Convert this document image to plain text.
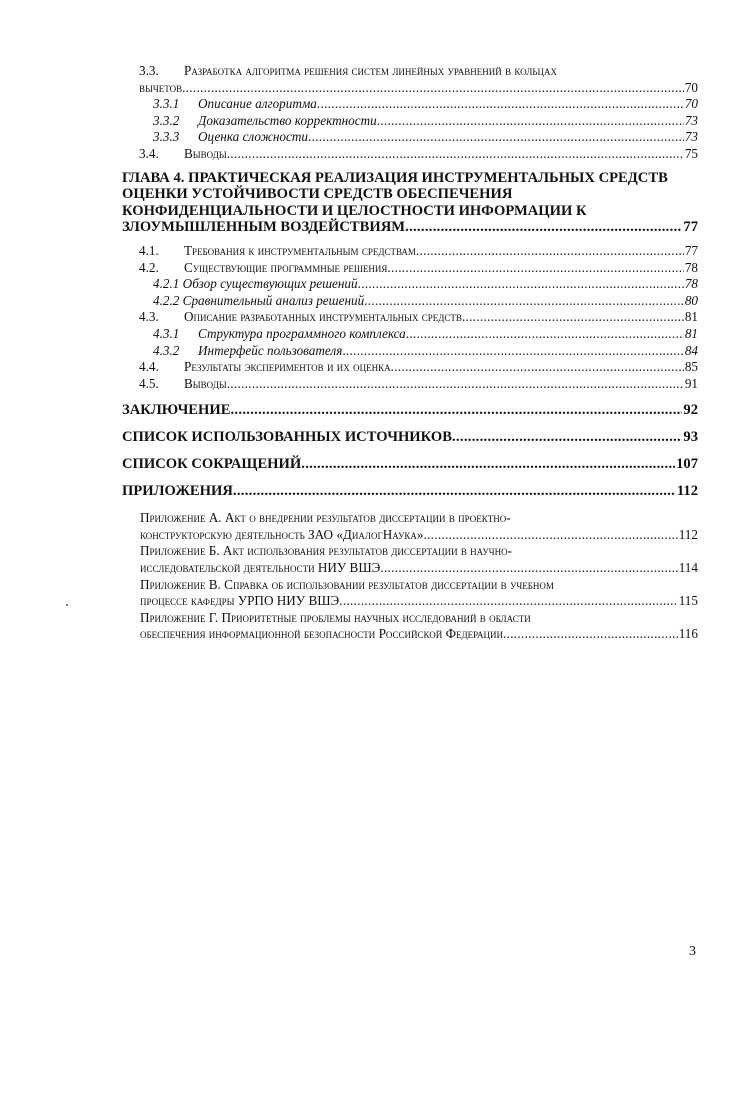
3.3.	Разработка алгоритма решения систем линейных уравнений в кольцах
вычетов .....	70
3.3.1	Описание алгоритма .....	70
3.3.2	Доказательство корректности .....	73
3.3.3	Оценка сложности .....	73
3.4.	Выводы .....	75
ГЛАВА 4. ПРАКТИЧЕСКАЯ РЕАЛИЗАЦИЯ ИНСТРУМЕНТАЛЬНЫХ СРЕДСТВ
ОЦЕНКИ УСТОЙЧИВОСТИ СРЕДСТВ ОБЕСПЕЧЕНИЯ
КОНФИДЕНЦИАЛЬНОСТИ И ЦЕЛОСТНОСТИ ИНФОРМАЦИИ К
ЗЛОУМЫШЛЕННЫМ ВОЗДЕЙСТВИЯМ .....	77
4.1.	Требования к инструментальным средствам .....	77
4.2.	Существующие программные решения .....	78
4.2.1 Обзор существующих решений .....	78
4.2.2 Сравнительный анализ решений .....	80
4.3.	Описание разработанных инструментальных средств .....	81
4.3.1	Структура программного комплекса .....	81
4.3.2	Интерфейс пользователя .....	84
4.4.	Результаты экспериментов и их оценка .....	85
4.5.	Выводы .....	91
ЗАКЛЮЧЕНИЕ .....	92
СПИСОК ИСПОЛЬЗОВАННЫХ ИСТОЧНИКОВ .....	93
СПИСОК СОКРАЩЕНИЙ .....	107
ПРИЛОЖЕНИЯ .....	112
Приложение А. Акт о внедрении результатов диссертации в проектно-
конструкторскую деятельность ЗАО «ДиалогНаука» .....	112
Приложение Б. Акт использования результатов диссертации в научно-
исследовательской деятельности НИУ ВШЭ .....	114
Приложение В. Справка об использовании результатов диссертации в учебном
процессе кафедры УРПО НИУ ВШЭ .....	115
Приложение Г. Приоритетные проблемы научных исследований в области
обеспечения информационной безопасности Российской Федерации .....	116
3
